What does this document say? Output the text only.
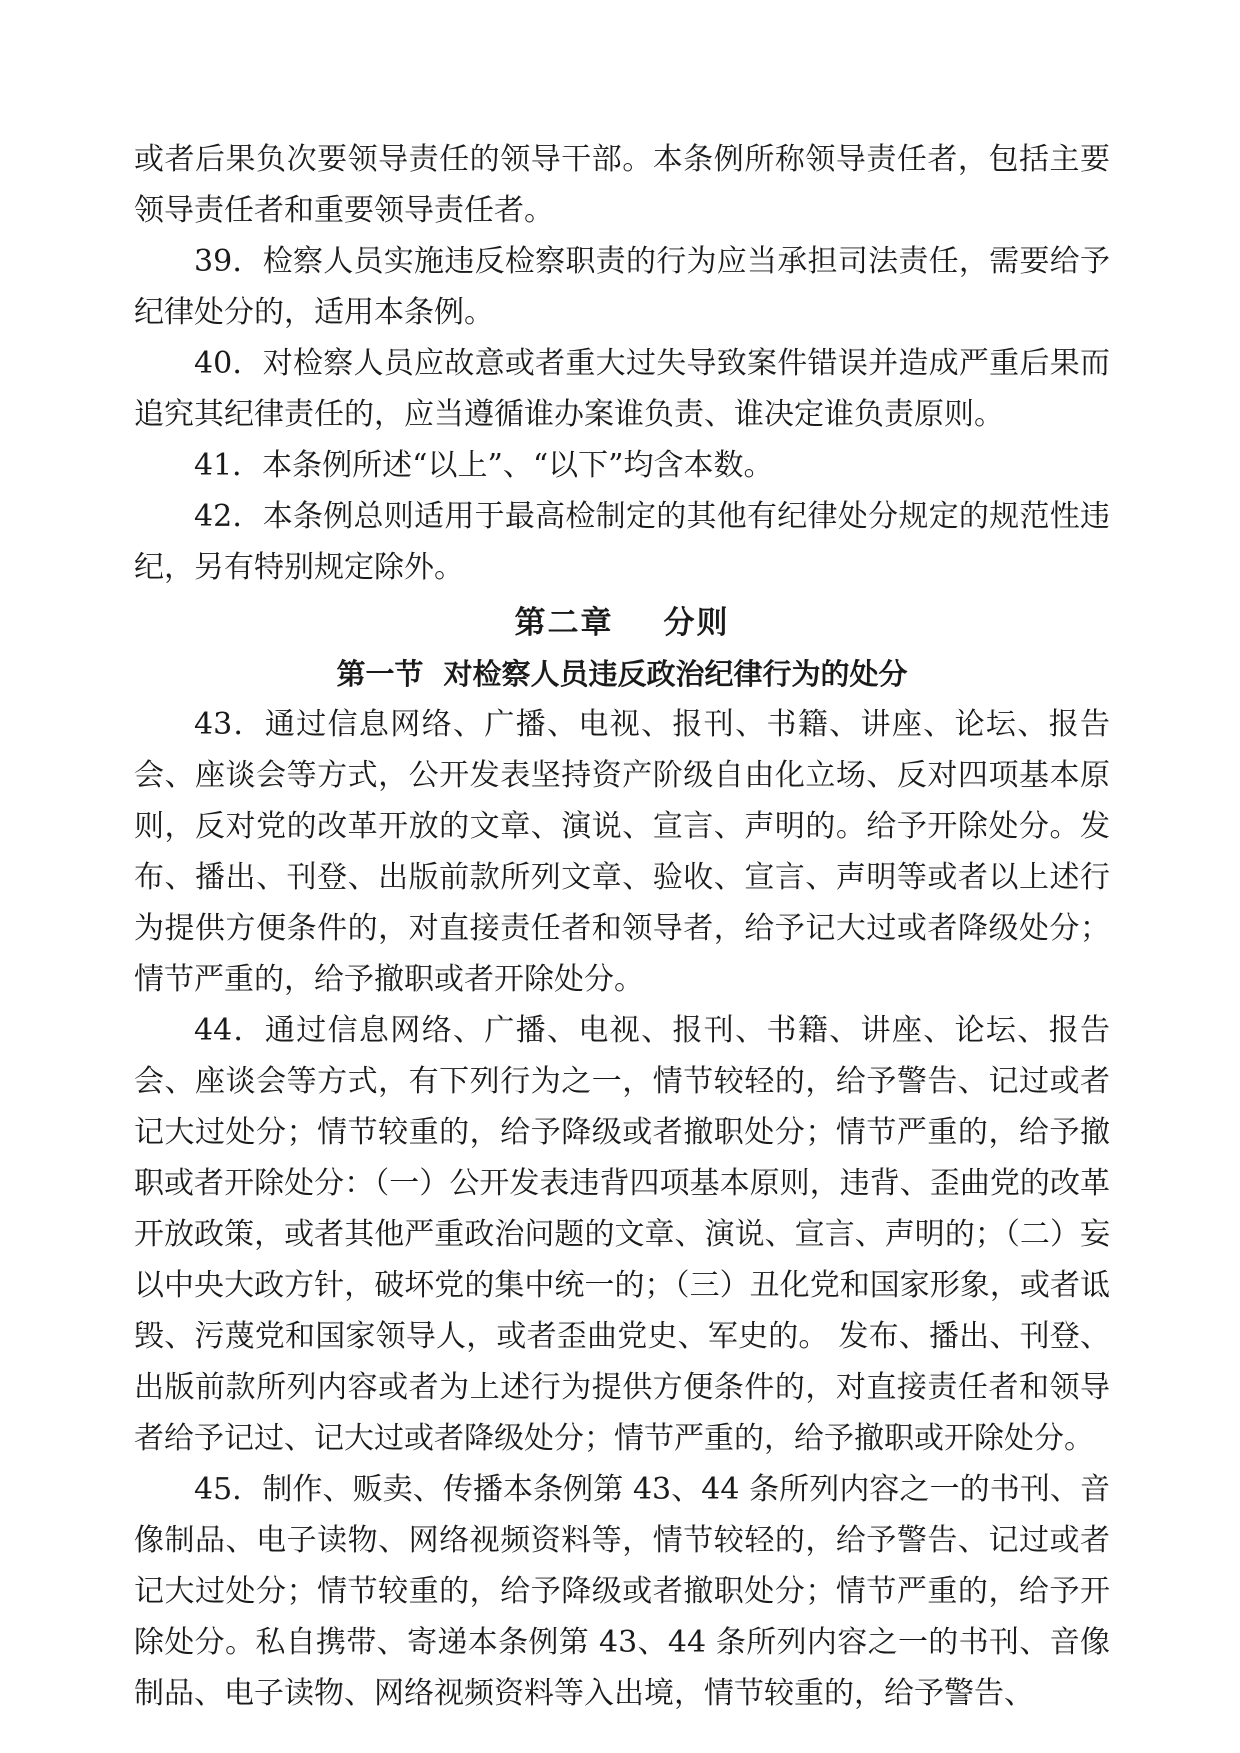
或者后果负次要领导责任的领导干部。本条例所称领导责任者，包括主要领导责任者和重要领导责任者。

39．检察人员实施违反检察职责的行为应当承担司法责任，需要给予纪律处分的，适用本条例。

40．对检察人员应故意或者重大过失导致案件错误并造成严重后果而追究其纪律责任的，应当遵循谁办案谁负责、谁决定谁负责原则。

41．本条例所述“以上”、“以下”均含本数。

42．本条例总则适用于最高检制定的其他有纪律处分规定的规范性违纪，另有特别规定除外。

第二章 分则
第一节 对检察人员违反政治纪律行为的处分

43．通过信息网络、广播、电视、报刊、书籍、讲座、论坛、报告会、座谈会等方式，公开发表坚持资产阶级自由化立场、反对四项基本原则，反对党的改革开放的文章、演说、宣言、声明的。给予开除处分。发布、播出、刊登、出版前款所列文章、验收、宣言、声明等或者以上述行为提供方便条件的，对直接责任者和领导者，给予记大过或者降级处分；情节严重的，给予撤职或者开除处分。

44．通过信息网络、广播、电视、报刊、书籍、讲座、论坛、报告会、座谈会等方式，有下列行为之一，情节较轻的，给予警告、记过或者记大过处分；情节较重的，给予降级或者撤职处分；情节严重的，给予撤职或者开除处分：（一）公开发表违背四项基本原则，违背、歪曲党的改革开放政策，或者其他严重政治问题的文章、演说、宣言、声明的；（二）妄以中央大政方针，破坏党的集中统一的；（三）丑化党和国家形象，或者诋毁、污蔑党和国家领导人，或者歪曲党史、军史的。 发布、播出、刊登、出版前款所列内容或者为上述行为提供方便条件的，对直接责任者和领导者给予记过、记大过或者降级处分；情节严重的，给予撤职或开除处分。

45．制作、贩卖、传播本条例第 43、44 条所列内容之一的书刊、音像制品、电子读物、网络视频资料等，情节较轻的，给予警告、记过或者记大过处分；情节较重的，给予降级或者撤职处分；情节严重的，给予开除处分。私自携带、寄递本条例第 43、44 条所列内容之一的书刊、音像制品、电子读物、网络视频资料等入出境，情节较重的，给予警告、
